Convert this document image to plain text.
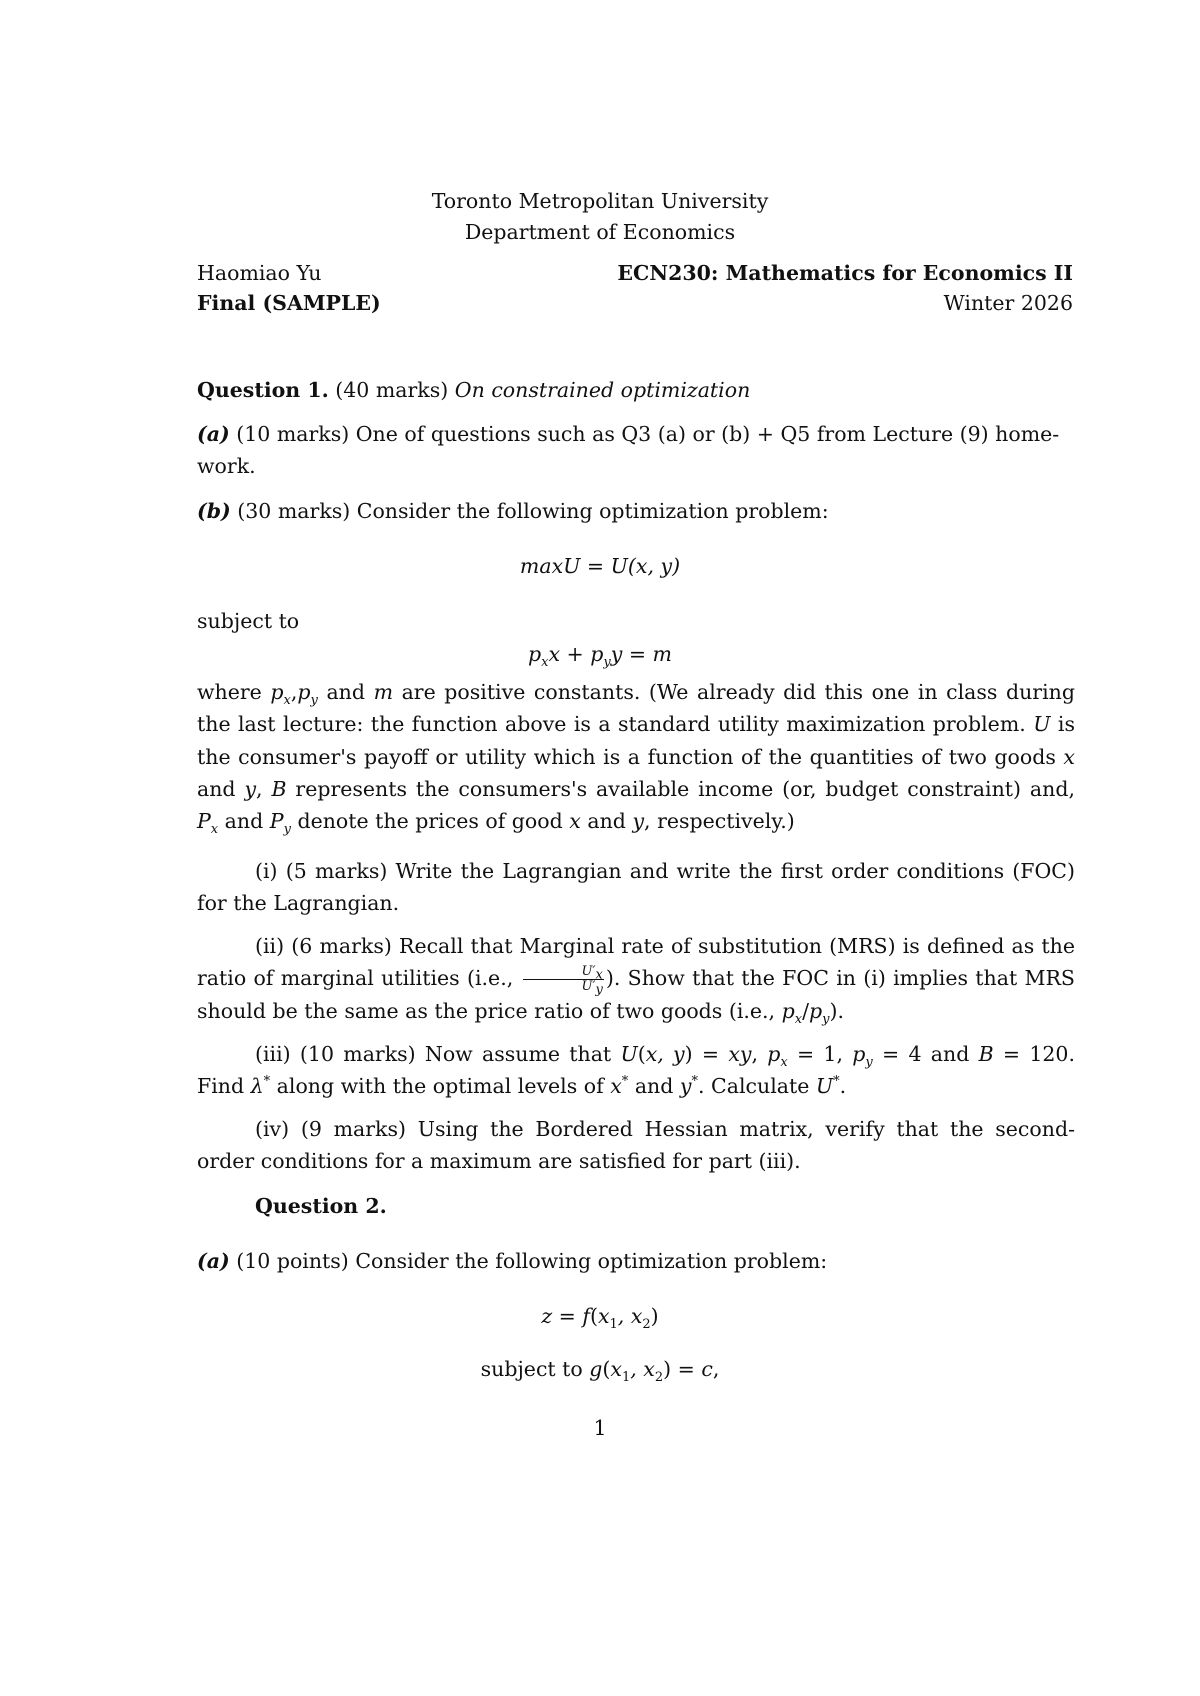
Toronto Metropolitan University
Department of Economics
Haomiao Yu	ECN230: Mathematics for Economics II
Final (SAMPLE)	Winter 2026
Question 1. (40 marks) On constrained optimization
(a) (10 marks) One of questions such as Q3 (a) or (b) + Q5 from Lecture (9) home-
work.
(b) (30 marks) Consider the following optimization problem:
maxU = U(x, y)
subject to
$p_xx + p_yy = m$
where $p_x,p_y$ and m are positive constants. (We already did this one in class during the last lecture: the function above is a standard utility maximization problem. U is the consumer's payoff or utility which is a function of the quantities of two goods x and y, B represents the consumers's available income (or, budget constraint) and, $P_x$ and $P_y$ denote the prices of good x and y, respectively.)
(i) (5 marks) Write the Lagrangian and write the first order conditions (FOC) for the Lagrangian.
(ii) (6 marks) Recall that Marginal rate of substitution (MRS) is defined as the ratio of marginal utilities (i.e., $\frac{U'_x}{U'_y}$ ). Show that the FOC in (i) implies that MRS should be the same as the price ratio of two goods (i.e., $p_x/p_y$).
(iii) (10 marks) Now assume that U(x, y) = xy, $p_x = 1$, $p_y = 4$ and B = 120. Find λ* along with the optimal levels of x* and y*. Calculate U*.
(iv) (9 marks) Using the Bordered Hessian matrix, verify that the second-order conditions for a maximum are satisfied for part (iii).
Question 2.
(a) (10 points) Consider the following optimization problem:
$z = f(x_1$, $x_2$)
subject to $g(x_1$, $x_2) = c$,
1
